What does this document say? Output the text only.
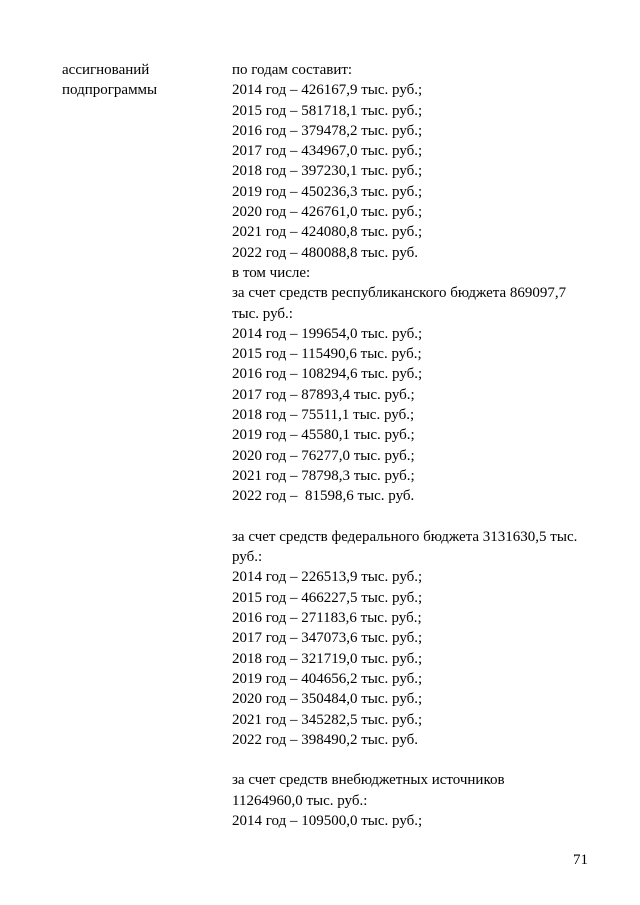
ассигнований
подпрограммы
по годам составит:
2014 год – 426167,9 тыс. руб.;
2015 год – 581718,1 тыс. руб.;
2016 год – 379478,2 тыс. руб.;
2017 год – 434967,0 тыс. руб.;
2018 год – 397230,1 тыс. руб.;
2019 год – 450236,3 тыс. руб.;
2020 год – 426761,0 тыс. руб.;
2021 год – 424080,8 тыс. руб.;
2022 год – 480088,8 тыс. руб.
в том числе:
за счет средств республиканского бюджета 869097,7
тыс. руб.:
2014 год – 199654,0 тыс. руб.;
2015 год – 115490,6 тыс. руб.;
2016 год – 108294,6 тыс. руб.;
2017 год – 87893,4 тыс. руб.;
2018 год – 75511,1 тыс. руб.;
2019 год – 45580,1 тыс. руб.;
2020 год – 76277,0 тыс. руб.;
2021 год – 78798,3 тыс. руб.;
2022 год –  81598,6 тыс. руб.
за счет средств федерального бюджета 3131630,5 тыс.
руб.:
2014 год – 226513,9 тыс. руб.;
2015 год – 466227,5 тыс. руб.;
2016 год – 271183,6 тыс. руб.;
2017 год – 347073,6 тыс. руб.;
2018 год – 321719,0 тыс. руб.;
2019 год – 404656,2 тыс. руб.;
2020 год – 350484,0 тыс. руб.;
2021 год – 345282,5 тыс. руб.;
2022 год – 398490,2 тыс. руб.
за счет средств внебюджетных источников
11264960,0 тыс. руб.:
2014 год – 109500,0 тыс. руб.;
71
